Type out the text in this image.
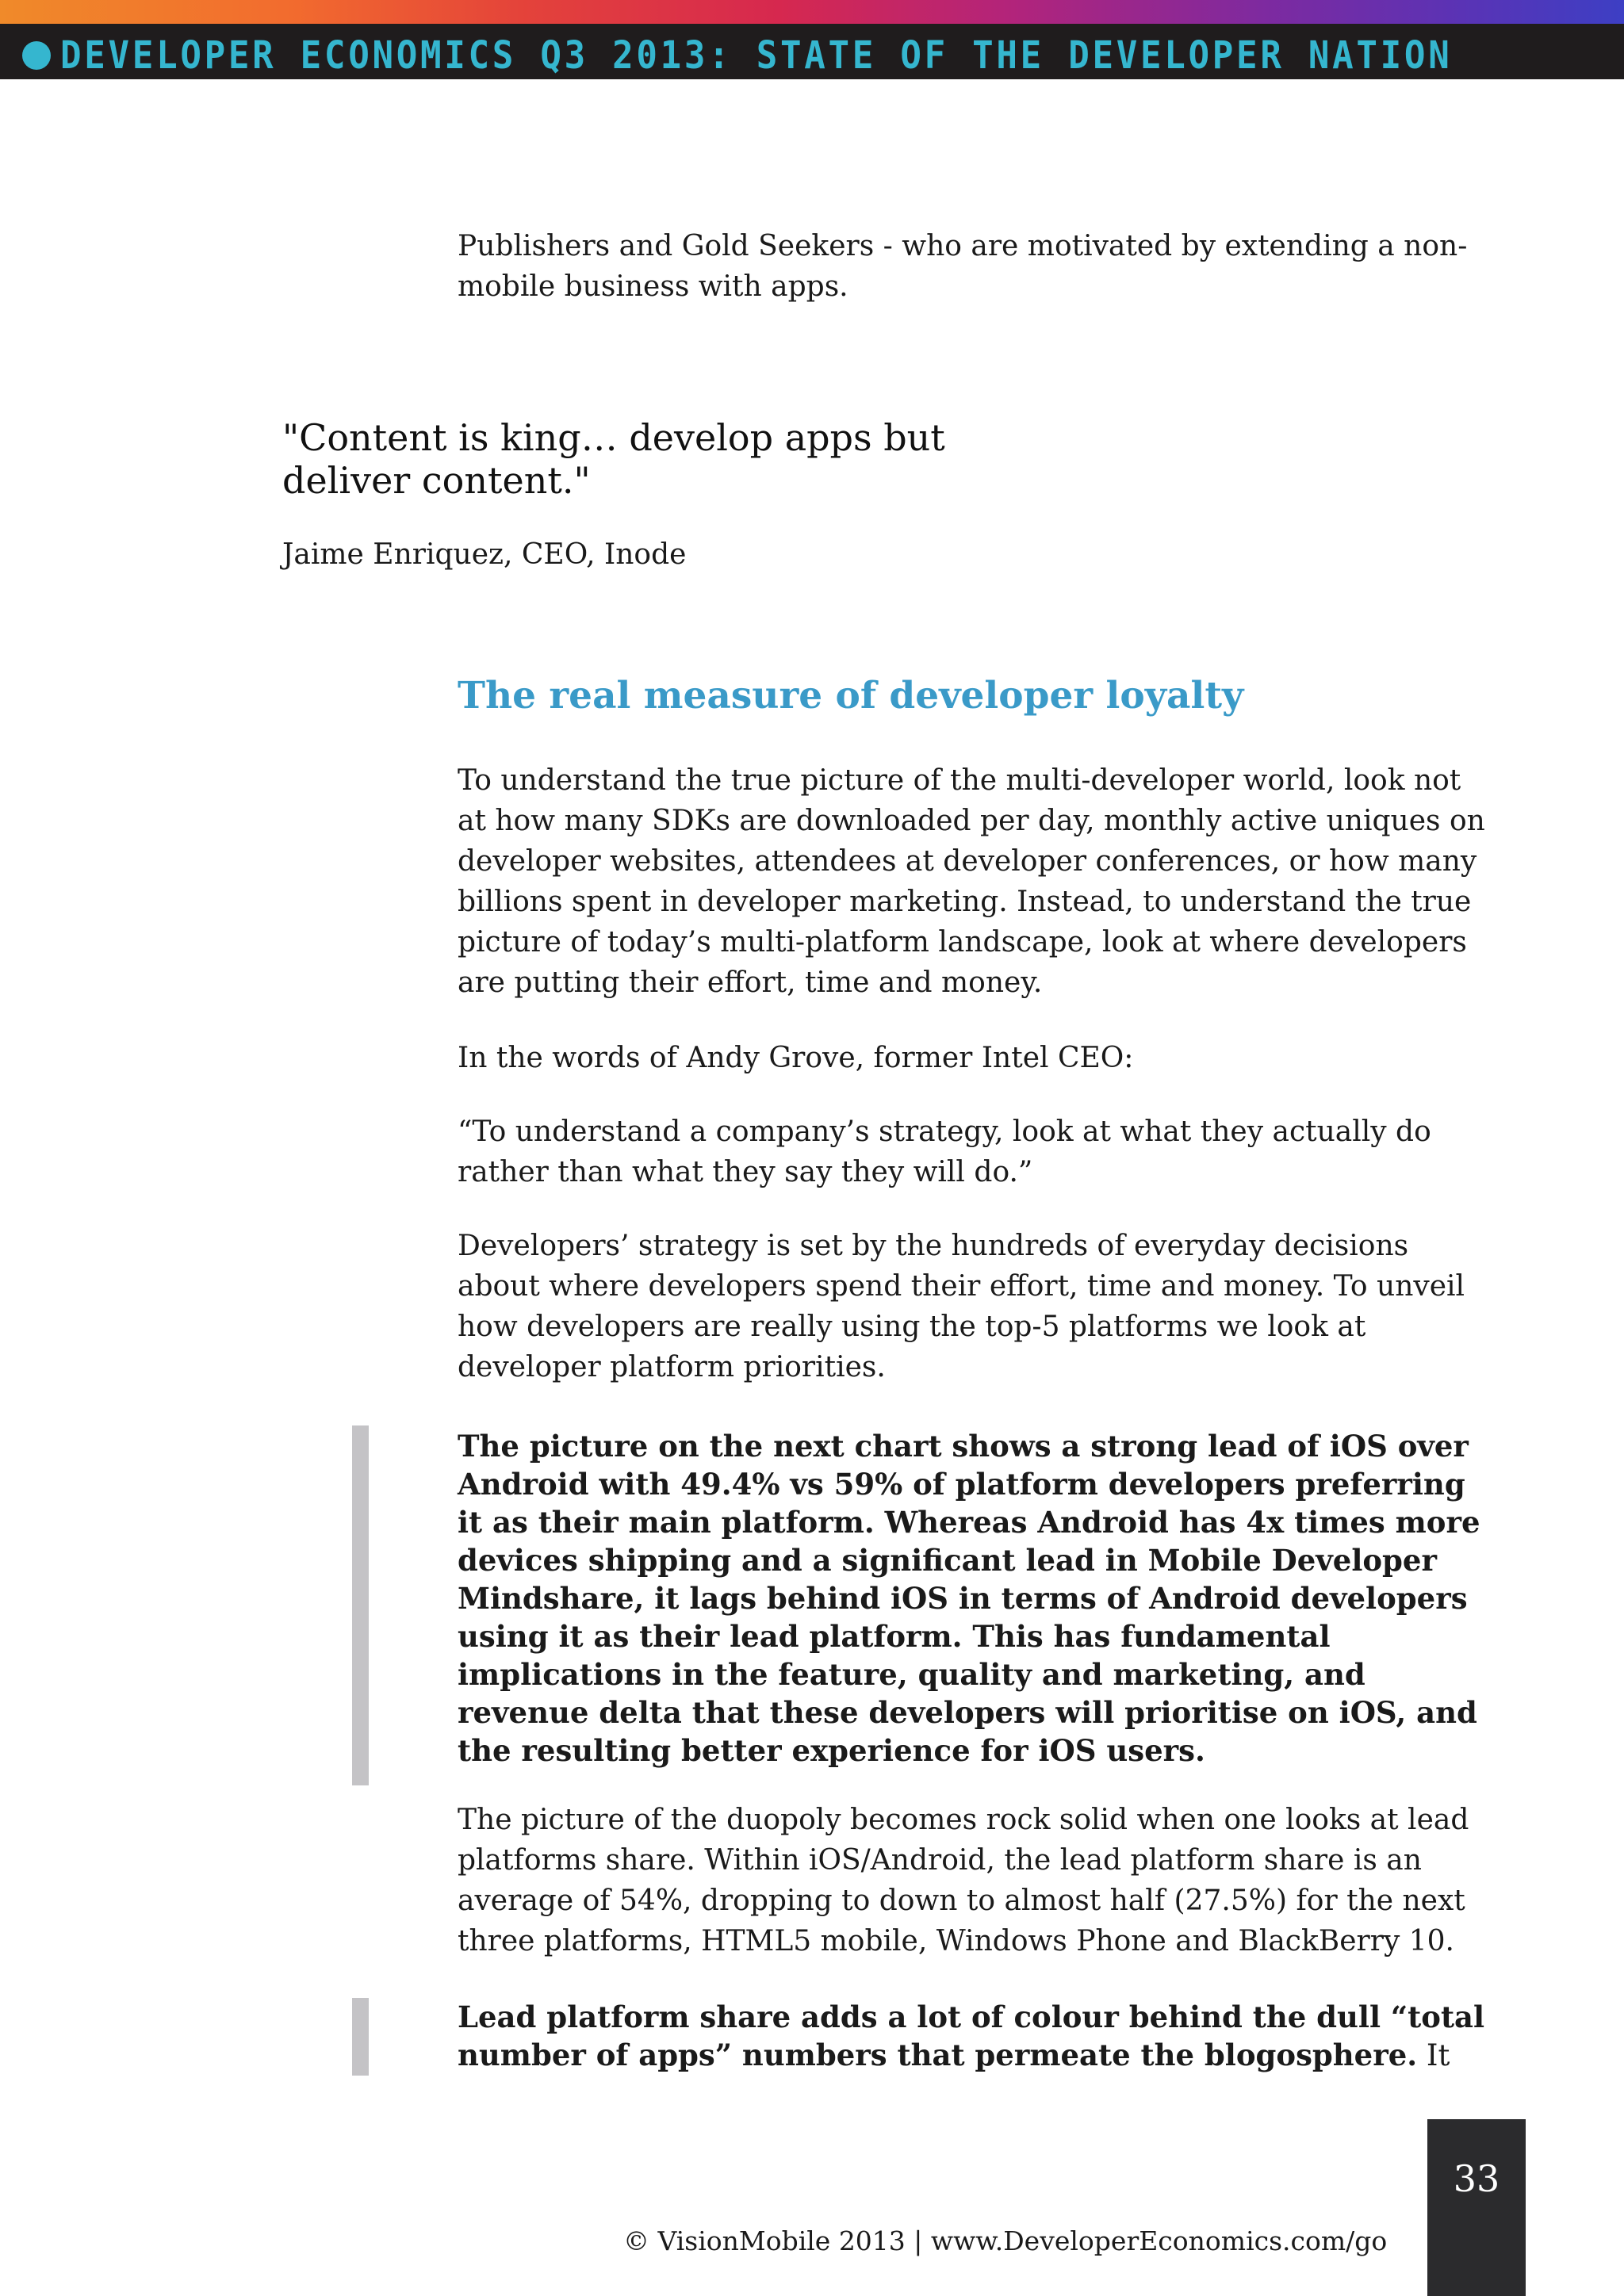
DEVELOPER ECONOMICS Q3 2013: STATE OF THE DEVELOPER NATION
Publishers and Gold Seekers - who are motivated by extending a non-mobile business with apps.
"Content is king… develop apps but deliver content."
Jaime Enriquez, CEO, Inode
The real measure of developer loyalty
To understand the true picture of the multi-developer world, look not at how many SDKs are downloaded per day, monthly active uniques on developer websites, attendees at developer conferences, or how many billions spent in developer marketing. Instead, to understand the true picture of today’s multi-platform landscape, look at where developers are putting their effort, time and money.
In the words of Andy Grove, former Intel CEO:
“To understand a company’s strategy, look at what they actually do rather than what they say they will do.”
Developers’ strategy is set by the hundreds of everyday decisions about where developers spend their effort, time and money. To unveil how developers are really using the top-5 platforms we look at developer platform priorities.
The picture on the next chart shows a strong lead of iOS over Android with 49.4% vs 59% of platform developers preferring it as their main platform. Whereas Android has 4x times more devices shipping and a significant lead in Mobile Developer Mindshare, it lags behind iOS in terms of Android developers using it as their lead platform. This has fundamental implications in the feature, quality and marketing, and revenue delta that these developers will prioritise on iOS, and the resulting better experience for iOS users.
The picture of the duopoly becomes rock solid when one looks at lead platforms share. Within iOS/Android, the lead platform share is an average of 54%, dropping to down to almost half (27.5%) for the next three platforms, HTML5 mobile, Windows Phone and BlackBerry 10.
Lead platform share adds a lot of colour behind the dull “total number of apps” numbers that permeate the blogosphere. It
© VisionMobile 2013 | www.DeveloperEconomics.com/go
33
